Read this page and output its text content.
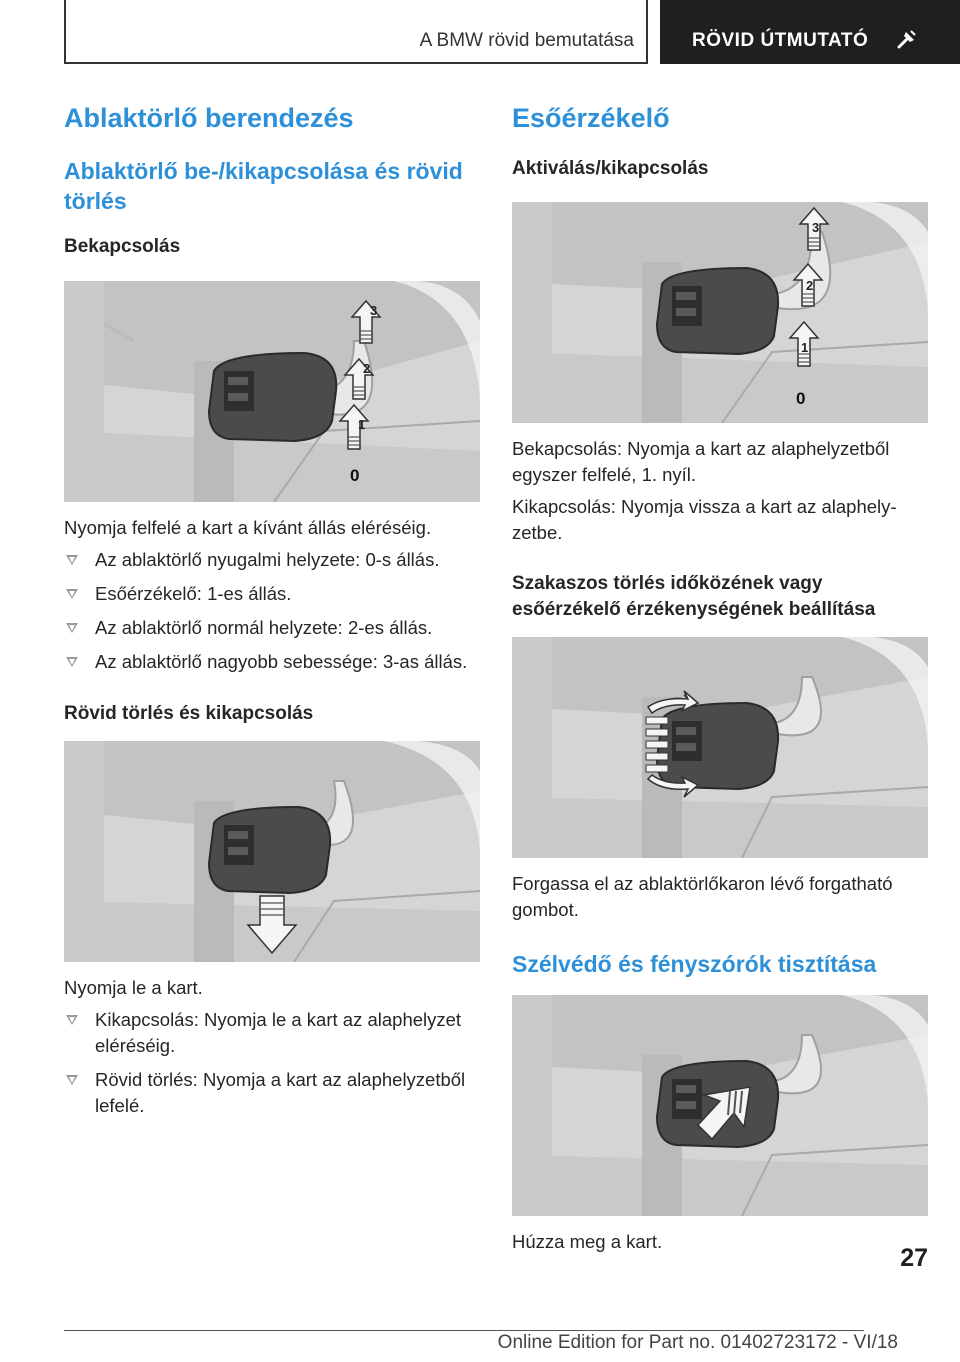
A BMW rövid bemutatása	RÖVID ÚTMUTATÓ
Ablaktörlő berendezés
Ablaktörlő be-/kikapcsolása és rövid törlés
Bekapcsolás
3
2
1
0

Nyomja felfelé a kart a kívánt állás eléréséig.

Az ablaktörlő nyugalmi helyzete: 0-s állás.
Esőérzékelő: 1-es állás.
Az ablaktörlő normál helyzete: 2-es állás.
Az ablaktörlő nagyobb sebessége: 3-as állás.
Rövid törlés és kikapcsolás

Nyomja le a kart.

Kikapcsolás: Nyomja le a kart az alaphelyzet eléréséig.
Rövid törlés: Nyomja a kart az alaphelyzetből lefelé.
Esőérzékelő
Aktiválás/kikapcsolás
3
2
1
0

Bekapcsolás: Nyomja a kart az alaphelyzetből egyszer felfelé, 1. nyíl.

Kikapcsolás: Nyomja vissza a kart az alaphelyzetbe.

Szakaszos törlés időközének vagy esőérzékelő érzékenységének beállítása

Forgassa el az ablaktörlőkaron lévő forgatható gombot.

Szélvédő és fényszórók tisztítása

Húzza meg a kart.

27
Online Edition for Part no. 01402723172 - VI/18
